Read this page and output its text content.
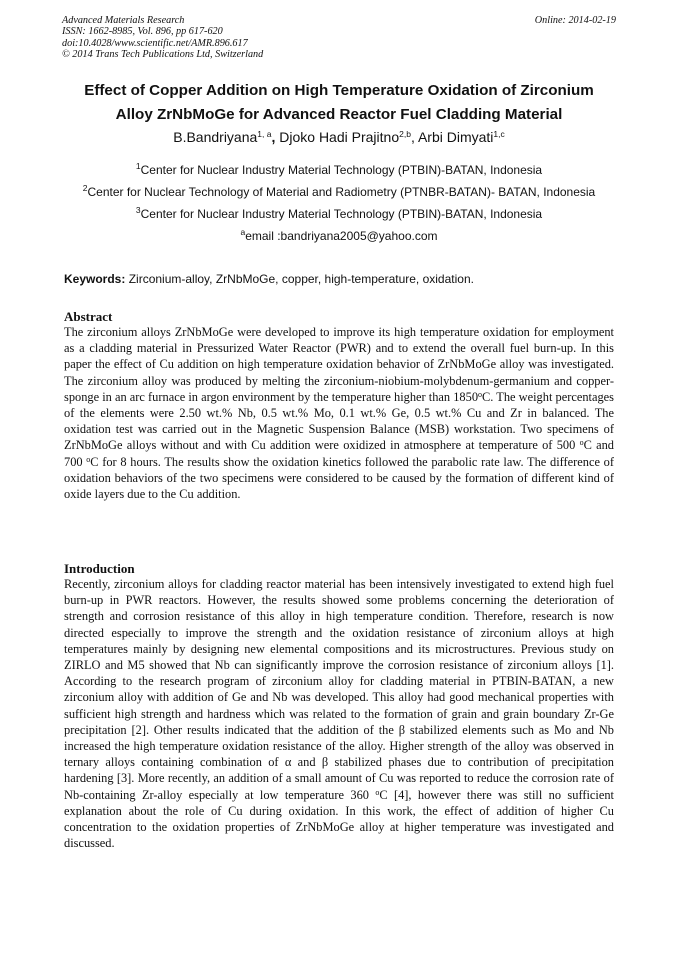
Advanced Materials Research
ISSN: 1662-8985, Vol. 896, pp 617-620
doi:10.4028/www.scientific.net/AMR.896.617
© 2014 Trans Tech Publications Ltd, Switzerland
Online: 2014-02-19
Effect of Copper Addition on High Temperature Oxidation of Zirconium
Alloy ZrNbMoGe for Advanced Reactor Fuel Cladding Material
B.Bandriyana$^{1, a}$, Djoko Hadi Prajitno$^{2,b}$, Arbi Dimyati$^{1,c}$
$^1$Center for Nuclear Industry Material Technology (PTBIN)-BATAN, Indonesia
$^2$Center for Nuclear Technology of Material and Radiometry (PTNBR-BATAN)- BATAN, Indonesia
$^3$Center for Nuclear Industry Material Technology (PTBIN)-BATAN, Indonesia
$^a$email :bandriyana2005@yahoo.com
Keywords: Zirconium-alloy, ZrNbMoGe, copper, high-temperature, oxidation.
Abstract

The zirconium alloys ZrNbMoGe were developed to improve its high temperature oxidation for employment as a cladding material in Pressurized Water Reactor (PWR) and to extend the overall fuel burn-up. In this paper the effect of Cu addition on high temperature oxidation behavior of ZrNbMoGe alloy was investigated. The zirconium alloy was produced by melting the zirconium-niobium-molybdenum-germanium and copper-sponge in an arc furnace in argon environment by the temperature higher than 1850$^o$C. The weight percentages of the elements were 2.50 wt.% Nb, 0.5 wt.% Mo, 0.1 wt.% Ge, 0.5 wt.% Cu and Zr in balanced. The oxidation test was carried out in the Magnetic Suspension Balance (MSB) workstation. Two specimens of ZrNbMoGe alloys without and with Cu addition were oxidized in atmosphere at temperature of 500 $^o$C and 700 $^o$C for 8 hours. The results show the oxidation kinetics followed the parabolic rate law. The difference of oxidation behaviors of the two specimens were considered to be caused by the formation of different kind of oxide layers due to the Cu addition.

Introduction

Recently, zirconium alloys for cladding reactor material has been intensively investigated to extend high fuel burn-up in PWR reactors. However, the results showed some problems concerning the deterioration of strength and corrosion resistance of this alloy in high temperature condition. Therefore, research is now directed especially to improve the strength and the oxidation resistance of zirconium alloys at high temperatures mainly by designing new elemental compositions and its microstructures. Previous study on ZIRLO and M5 showed that Nb can significantly improve the corrosion resistance of zirconium alloys [1]. According to the research program of zirconium alloy for cladding material in PTBIN-BATAN, a new zirconium alloy with addition of Ge and Nb was developed. This alloy had good mechanical properties with sufficient high strength and hardness which was related to the formation of grain and grain boundary Zr-Ge precipitation [2]. Other results indicated that the addition of the β stabilized elements such as Mo and Nb increased the high temperature oxidation resistance of the alloy. Higher strength of the alloy was observed in ternary alloys containing combination of α and β stabilized phases due to contribution of precipitation hardening [3]. More recently, an addition of a small amount of Cu was reported to reduce the corrosion rate of Nb-containing Zr-alloy especially at low temperature 360 $^o$C [4], however there was still no sufficient explanation about the role of Cu during oxidation. In this work, the effect of addition of higher Cu concentration to the oxidation properties of ZrNbMoGe alloy at higher temperature was investigated and discussed.
